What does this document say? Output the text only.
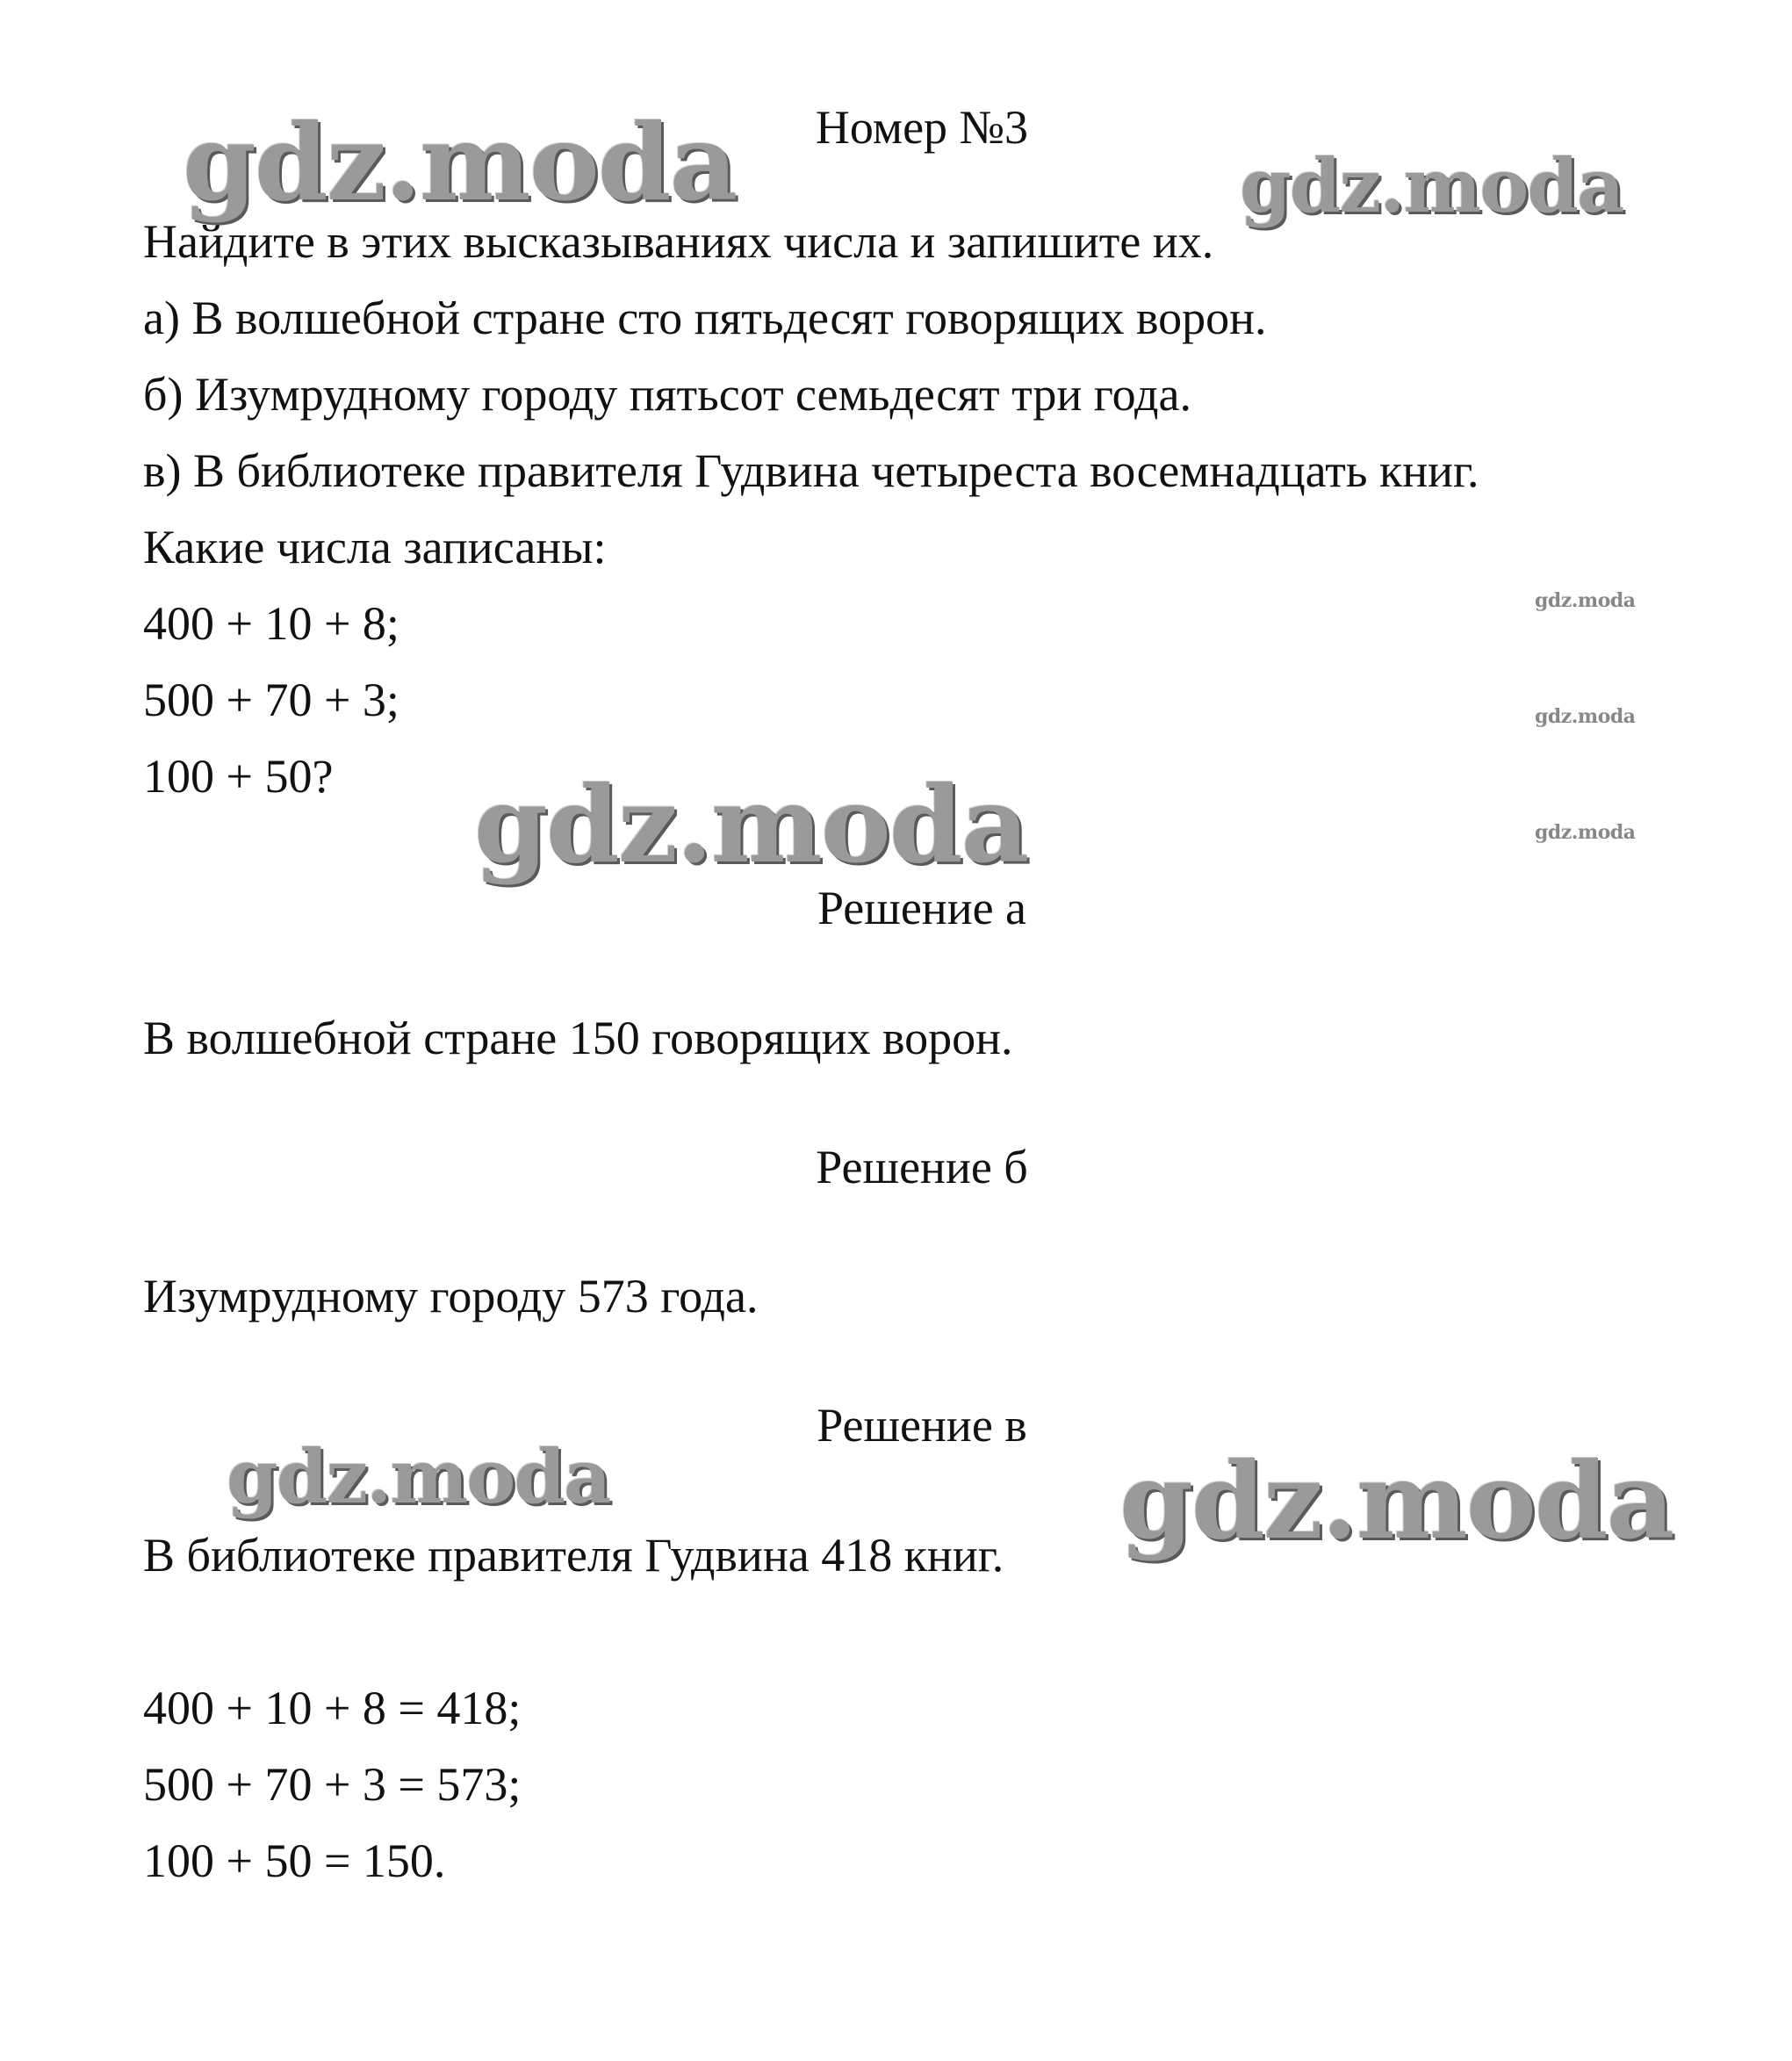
Номер №3

Найдите в этих высказываниях числа и запишите их.

а) В волшебной стране сто пятьдесят говорящих ворон.

б) Изумрудному городу пятьсот семьдесят три года.

в) В библиотеке правителя Гудвина четыреста восемнадцать книг.

Какие числа записаны:

400 + 10 + 8;

500 + 70 + 3;

100 + 50?

Решение а

В волшебной стране 150 говорящих ворон.

Решение б

Изумрудному городу 573 года.

Решение в

В библиотеке правителя Гудвина 418 книг.

400 + 10 + 8 = 418;

500 + 70 + 3 = 573;

100 + 50 = 150.

gdz.moda	gdz.moda
gdz.moda
gdz.moda
gdz.moda
gdz.moda
gdz.moda	gdz.moda
